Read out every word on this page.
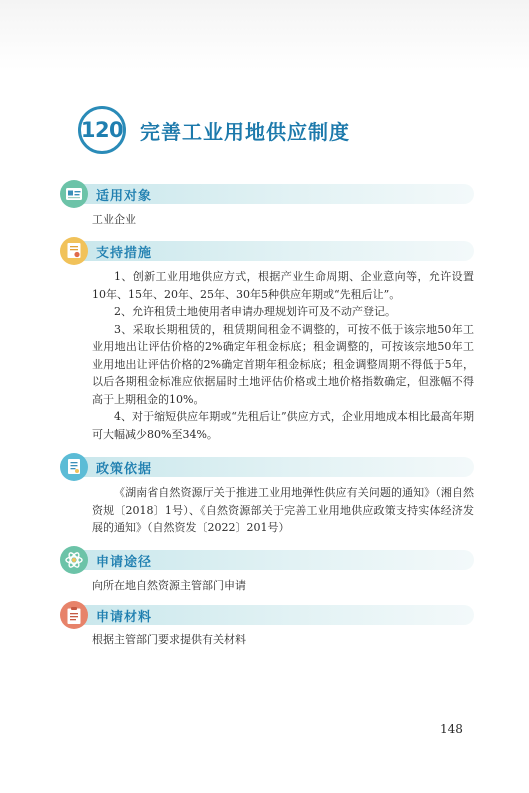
120 完善工业用地供应制度
适用对象

工业企业

支持措施

1、创新工业用地供应方式，根据产业生命周期、企业意向等，允许设置10年、15年、20年、25年、30年5种供应年期或“先租后让”。

2、允许租赁土地使用者申请办理规划许可及不动产登记。

3、采取长期租赁的，租赁期间租金不调整的，可按不低于该宗地50年工业用地出让评估价格的2%确定年租金标底；租金调整的，可按该宗地50年工业用地出让评估价格的2%确定首期年租金标底；租金调整周期不得低于5年，以后各期租金标准应依据届时土地评估价格或土地价格指数确定，但涨幅不得高于上期租金的10%。

4、对于缩短供应年期或“先租后让”供应方式，企业用地成本相比最高年期可大幅减少80%至34%。

政策依据

《湖南省自然资源厅关于推进工业用地弹性供应有关问题的通知》（湘自然资规〔2018〕1号）、《自然资源部关于完善工业用地供应政策支持实体经济发展的通知》（自然资发〔2022〕201号）

申请途径

向所在地自然资源主管部门申请

申请材料

根据主管部门要求提供有关材料

148
